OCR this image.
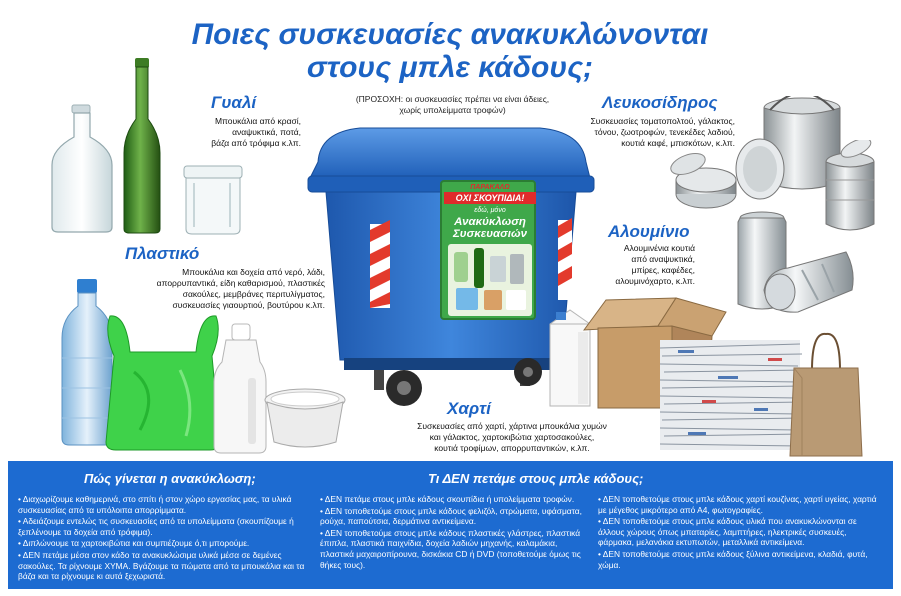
Ποιες συσκευασίες ανακυκλώνονται
στους μπλε κάδους;
(ΠΡΟΣΟΧΗ: οι συσκευασίες πρέπει να είναι άδειες,
χωρίς υπολείμματα τροφών)
Γυαλί
Μπουκάλια από κρασί,
αναψυκτικά, ποτά,
βάζα από τρόφιμα κ.λπ.
Πλαστικό
Μπουκάλια και δοχεία από νερό, λάδι,
απορρυπαντικά, είδη καθαρισμού, πλαστικές
σακούλες, μεμβράνες περιτυλίγματος,
συσκευασίες γιαουρτιού, βουτύρου κ.λπ.
ΠΑΡΑΚΑΛΩ
ΟΧΙ ΣΚΟΥΠΙΔΙΑ!
εδώ, μόνο
Ανακύκλωση
Συσκευασιών
Λευκοσίδηρος
Συσκευασίες τοματοπολτού, γάλακτος,
τόνου, ζωοτροφών, τενεκέδες λαδιού,
κουτιά καφέ, μπισκότων, κ.λπ.
Αλουμίνιο
Αλουμινένια κουτιά
από αναψυκτικά,
μπίρες, καφέδες,
αλουμινόχαρτο, κ.λπ.
Χαρτί
Συσκευασίες από χαρτί, χάρτινα μπουκάλια χυμών
και γάλακτος, χαρτοκιβώτια χαρτοσακούλες,
κουτιά τροφίμων, απορρυπαντικών, κ.λπ.
Πώς γίνεται η ανακύκλωση;	Τι ΔΕΝ πετάμε στους μπλε κάδους;
• Διαχωρίζουμε καθημερινά, στο σπίτι ή στον χώρο εργασίας μας, τα υλικά συσκευασίας από τα υπόλοιπα απορρίμματα.
• Αδειάζουμε εντελώς τις συσκευασίες από τα υπολείμματα (σκουπίζουμε ή ξεπλένουμε τα δοχεία από τρόφιμα).
• Διπλώνουμε τα χαρτοκιβώτια και συμπιέζουμε ό,τι μπορούμε.
• ΔΕΝ πετάμε μέσα στον κάδο τα ανακυκλώσιμα υλικά μέσα σε δεμένες σακούλες. Τα ρίχνουμε ΧΥΜΑ. Βγάζουμε τα πώματα από τα μπουκάλια και τα βάζα και τα ρίχνουμε κι αυτά ξεχωριστά.
• ΔΕΝ πετάμε στους μπλε κάδους σκουπίδια ή υπολείμματα τροφών.
• ΔΕΝ τοποθετούμε στους μπλε κάδους φελιζόλ, στρώματα, υφάσματα, ρούχα, παπούτσια, δερμάτινα αντικείμενα.
• ΔΕΝ τοποθετούμε στους μπλε κάδους πλαστικές γλάστρες, πλαστικά έπιπλα, πλαστικά παιχνίδια, δοχεία λαδιών μηχανής, καλαμάκια, πλαστικά μαχαιροπίρουνα, δισκάκια CD ή DVD (τοποθετούμε όμως τις θήκες τους).
• ΔΕΝ τοποθετούμε στους μπλε κάδους χαρτί κουζίνας, χαρτί υγείας, χαρτιά με μέγεθος μικρότερο από Α4, φωτογραφίες.
• ΔΕΝ τοποθετούμε στους μπλε κάδους υλικά που ανακυκλώνονται σε άλλους χώρους όπως μπαταρίες, λαμπτήρες, ηλεκτρικές συσκευές, φάρμακα, μελανάκια εκτυπωτών, μεταλλικά αντικείμενα.
• ΔΕΝ τοποθετούμε στους μπλε κάδους ξύλινα αντικείμενα, κλαδιά, φυτά, χώμα.
